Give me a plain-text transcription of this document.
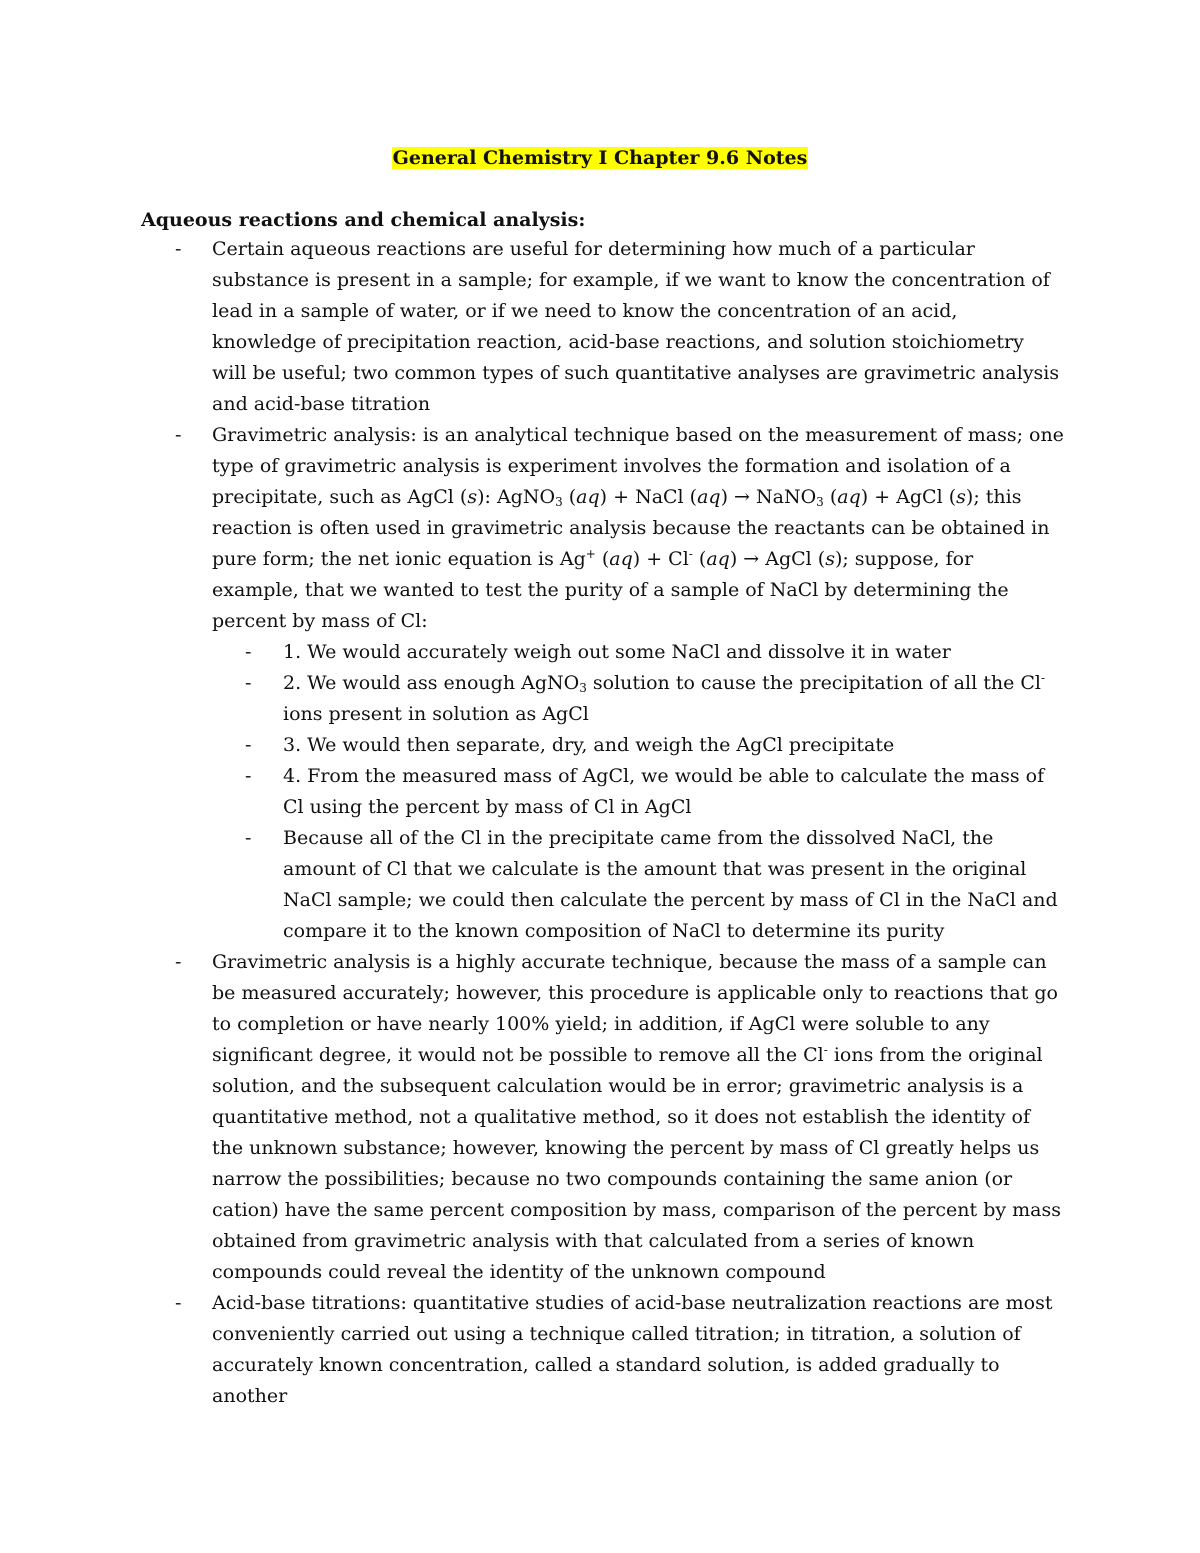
General Chemistry I Chapter 9.6 Notes
Aqueous reactions and chemical analysis:
- Certain aqueous reactions are useful for determining how much of a particular substance is present in a sample; for example, if we want to know the concentration of lead in a sample of water, or if we need to know the concentration of an acid, knowledge of precipitation reaction, acid-base reactions, and solution stoichiometry will be useful; two common types of such quantitative analyses are gravimetric analysis and acid-base titration
- Gravimetric analysis: is an analytical technique based on the measurement of mass; one type of gravimetric analysis is experiment involves the formation and isolation of a precipitate, such as AgCl (s): AgNO$_3$ (aq) + NaCl (aq) → NaNO$_3$ (aq) + AgCl (s); this reaction is often used in gravimetric analysis because the reactants can be obtained in pure form; the net ionic equation is Ag+ (aq) + Cl- (aq) → AgCl (s); suppose, for example, that we wanted to test the purity of a sample of NaCl by determining the percent by mass of Cl:
- 1. We would accurately weigh out some NaCl and dissolve it in water
- 2. We would ass enough AgNO$_3$ solution to cause the precipitation of all the Cl- ions present in solution as AgCl
- 3. We would then separate, dry, and weigh the AgCl precipitate
- 4. From the measured mass of AgCl, we would be able to calculate the mass of Cl using the percent by mass of Cl in AgCl
- Because all of the Cl in the precipitate came from the dissolved NaCl, the amount of Cl that we calculate is the amount that was present in the original NaCl sample; we could then calculate the percent by mass of Cl in the NaCl and compare it to the known composition of NaCl to determine its purity
- Gravimetric analysis is a highly accurate technique, because the mass of a sample can be measured accurately; however, this procedure is applicable only to reactions that go to completion or have nearly 100% yield; in addition, if AgCl were soluble to any significant degree, it would not be possible to remove all the Cl- ions from the original solution, and the subsequent calculation would be in error; gravimetric analysis is a quantitative method, not a qualitative method, so it does not establish the identity of the unknown substance; however, knowing the percent by mass of Cl greatly helps us narrow the possibilities; because no two compounds containing the same anion (or cation) have the same percent composition by mass, comparison of the percent by mass obtained from gravimetric analysis with that calculated from a series of known compounds could reveal the identity of the unknown compound
- Acid-base titrations: quantitative studies of acid-base neutralization reactions are most conveniently carried out using a technique called titration; in titration, a solution of accurately known concentration, called a standard solution, is added gradually to another
